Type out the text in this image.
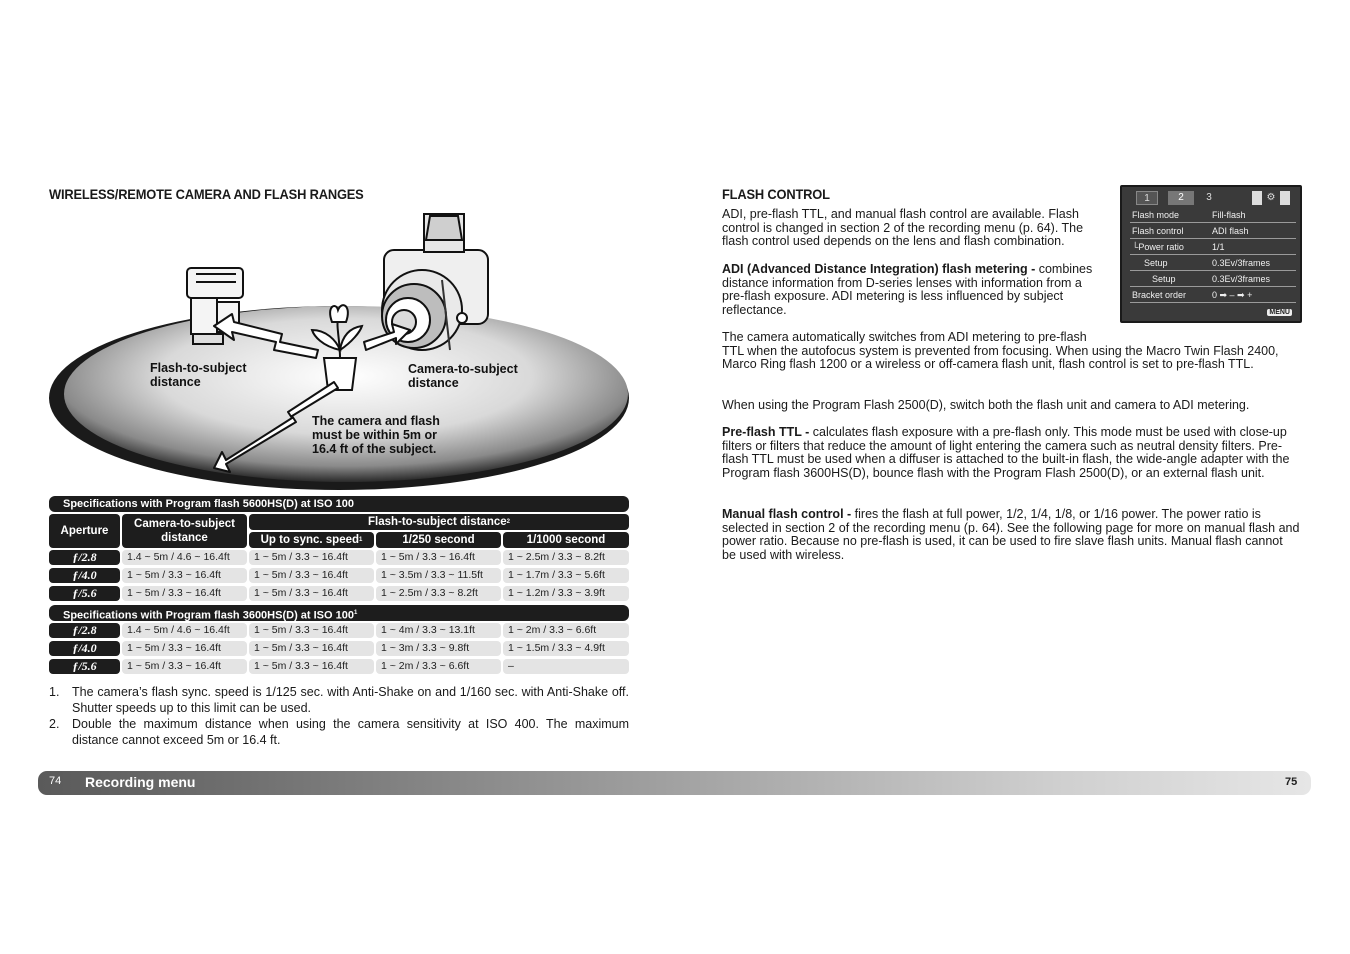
WIRELESS/REMOTE CAMERA AND FLASH RANGES
Flash-to-subject
distance
Camera-to-subject
distance
The camera and flash
must be within 5m or
16.4 ft of the subject.
Specifications with Program flash 5600HS(D) at ISO 100
Aperture
Camera-to-subject
distance
Flash-to-subject distance 2
Up to sync. speed 1	1/250 second	1/1000 second
ƒ/2.8	1.4 ~ 5m / 4.6 ~ 16.4ft	1 ~ 5m / 3.3 ~ 16.4ft	1 ~ 5m / 3.3 ~ 16.4ft	1 ~ 2.5m / 3.3 ~ 8.2ft
ƒ/4.0	1 ~ 5m / 3.3 ~ 16.4ft	1 ~ 5m / 3.3 ~ 16.4ft	1 ~ 3.5m / 3.3 ~ 11.5ft	1 ~ 1.7m / 3.3 ~ 5.6ft
ƒ/5.6	1 ~ 5m / 3.3 ~ 16.4ft	1 ~ 5m / 3.3 ~ 16.4ft	1 ~ 2.5m / 3.3 ~ 8.2ft	1 ~ 1.2m / 3.3 ~ 3.9ft
Specifications with Program flash 3600HS(D) at ISO $100^1$
ƒ/2.8	1.4 ~ 5m / 4.6 ~ 16.4ft	1 ~ 5m / 3.3 ~ 16.4ft	1 ~ 4m / 3.3 ~ 13.1ft	1 ~ 2m / 3.3 ~ 6.6ft
ƒ/4.0	1 ~ 5m / 3.3 ~ 16.4ft	1 ~ 5m / 3.3 ~ 16.4ft	1 ~ 3m / 3.3 ~ 9.8ft	1 ~ 1.5m / 3.3 ~ 4.9ft
ƒ/5.6	1 ~ 5m / 3.3 ~ 16.4ft	1 ~ 5m / 3.3 ~ 16.4ft	1 ~ 2m / 3.3 ~ 6.6ft	–
1. The camera’s flash sync. speed is 1/125 sec. with Anti-Shake on and 1/160 sec. with Anti-Shake off. Shutter speeds up to this limit can be used.
2. Double the maximum distance when using the camera sensitivity at ISO 400. The maximum distance cannot exceed 5m or 16.4 ft.
FLASH CONTROL
ADI, pre-flash TTL, and manual flash control are available. Flash
control is changed in section 2 of the recording menu (p. 64). The
flash control used depends on the lens and flash combination.
ADI (Advanced Distance Integration) flash metering - combines
distance information from D-series lenses with information from a
pre-flash exposure. ADI metering is less influenced by subject
reflectance.
The camera automatically switches from ADI metering to pre-flash
TTL when the autofocus system is prevented from focusing. When using the Macro Twin Flash 2400, Marco Ring flash 1200 or a wireless or off-camera flash unit, flash control is set to pre-flash TTL.
When using the Program Flash 2500(D), switch both the flash unit and camera to ADI metering.
Pre-flash TTL - calculates flash exposure with a pre-flash only. This mode must be used with close-up filters or filters that reduce the amount of light entering the camera such as neutral density filters. Pre-flash TTL must be used when a diffuser is attached to the built-in flash, the wide-angle adapter with the Program flash 3600HS(D), bounce flash with the Program Flash 2500(D), or an external flash unit.
Manual flash control - fires the flash at full power, 1/2, 1/4, 1/8, or 1/16 power. The power ratio is selected in section 2 of the recording menu (p. 64). See the following page for more on manual flash and power ratio. Because no pre-flash is used, it can be used to fire slave flash units. Manual flash cannot be used with wireless.
1	2	3	⚙
Flash mode	Fill-flash
Flash control	ADI flash
└Power ratio	1/1
Setup	0.3Ev/3frames
Setup	0.3Ev/3frames
Bracket order	0 ➡ – ➡ +
MENU
74 Recording menu	75
